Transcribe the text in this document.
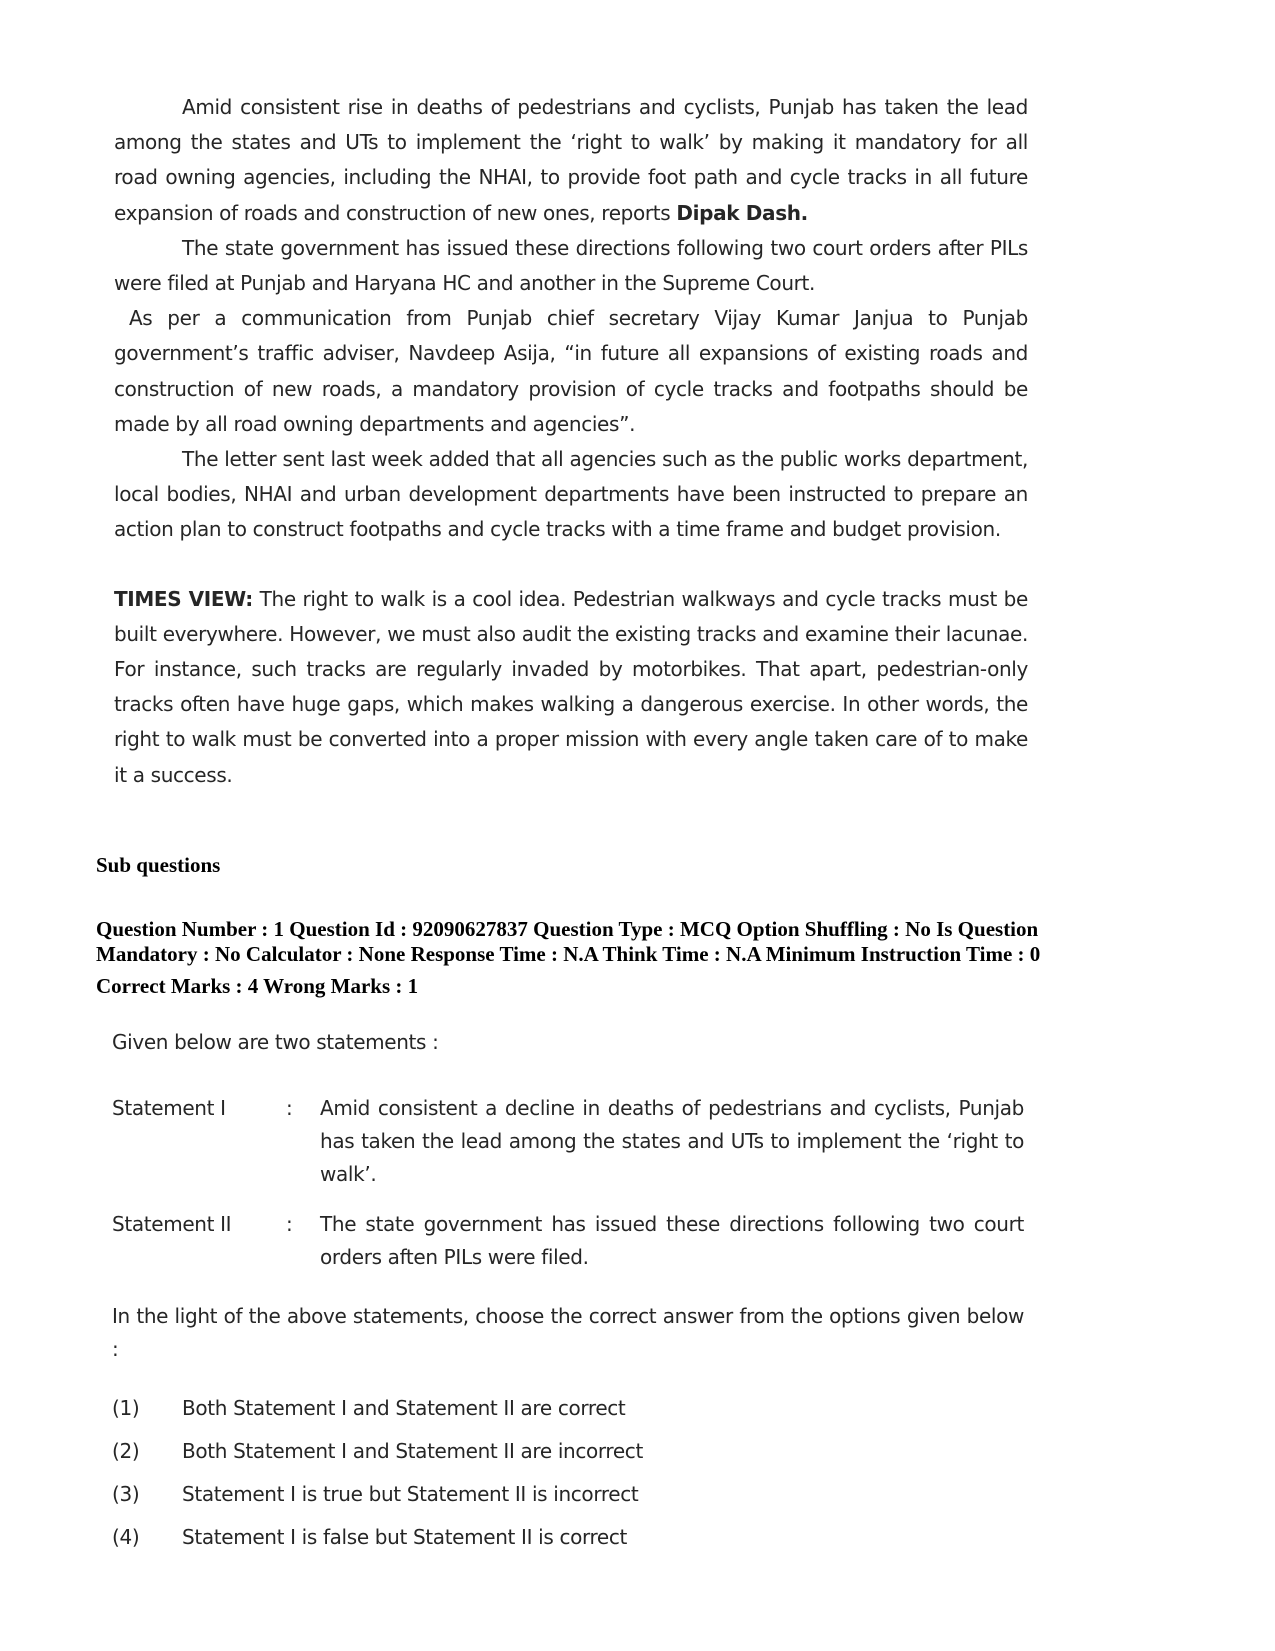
Amid consistent rise in deaths of pedestrians and cyclists, Punjab has taken the lead among the states and UTs to implement the ‘right to walk’ by making it mandatory for all road owning agencies, including the NHAI, to provide foot path and cycle tracks in all future expansion of roads and construction of new ones, reports Dipak Dash.

The state government has issued these directions following two court orders after PILs were filed at Punjab and Haryana HC and another in the Supreme Court.

As per a communication from Punjab chief secretary Vijay Kumar Janjua to Punjab government’s traffic adviser, Navdeep Asija, “in future all expansions of existing roads and construction of new roads, a mandatory provision of cycle tracks and footpaths should be made by all road owning departments and agencies”.

The letter sent last week added that all agencies such as the public works department, local bodies, NHAI and urban development departments have been instructed to prepare an action plan to construct footpaths and cycle tracks with a time frame and budget provision.

TIMES VIEW: The right to walk is a cool idea. Pedestrian walkways and cycle tracks must be built everywhere. However, we must also audit the existing tracks and examine their lacunae. For instance, such tracks are regularly invaded by motorbikes. That apart, pedestrian-only tracks often have huge gaps, which makes walking a dangerous exercise. In other words, the right to walk must be converted into a proper mission with every angle taken care of to make it a success.

Sub questions
Question Number : 1 Question Id : 92090627837 Question Type : MCQ Option Shuffling : No Is Question
Mandatory : No Calculator : None Response Time : N.A Think Time : N.A Minimum Instruction Time : 0
Correct Marks : 4 Wrong Marks : 1
Given below are two statements :
Statement I	: Amid consistent a decline in deaths of pedestrians and cyclists, Punjab has taken the lead among the states and UTs to implement the ‘right to walk’.
Statement II	: The state government has issued these directions following two court orders aften PILs were filed.
In the light of the above statements, choose the correct answer from the options given below :
(1) Both Statement I and Statement II are correct
(2) Both Statement I and Statement II are incorrect
(3) Statement I is true but Statement II is incorrect
(4) Statement I is false but Statement II is correct
